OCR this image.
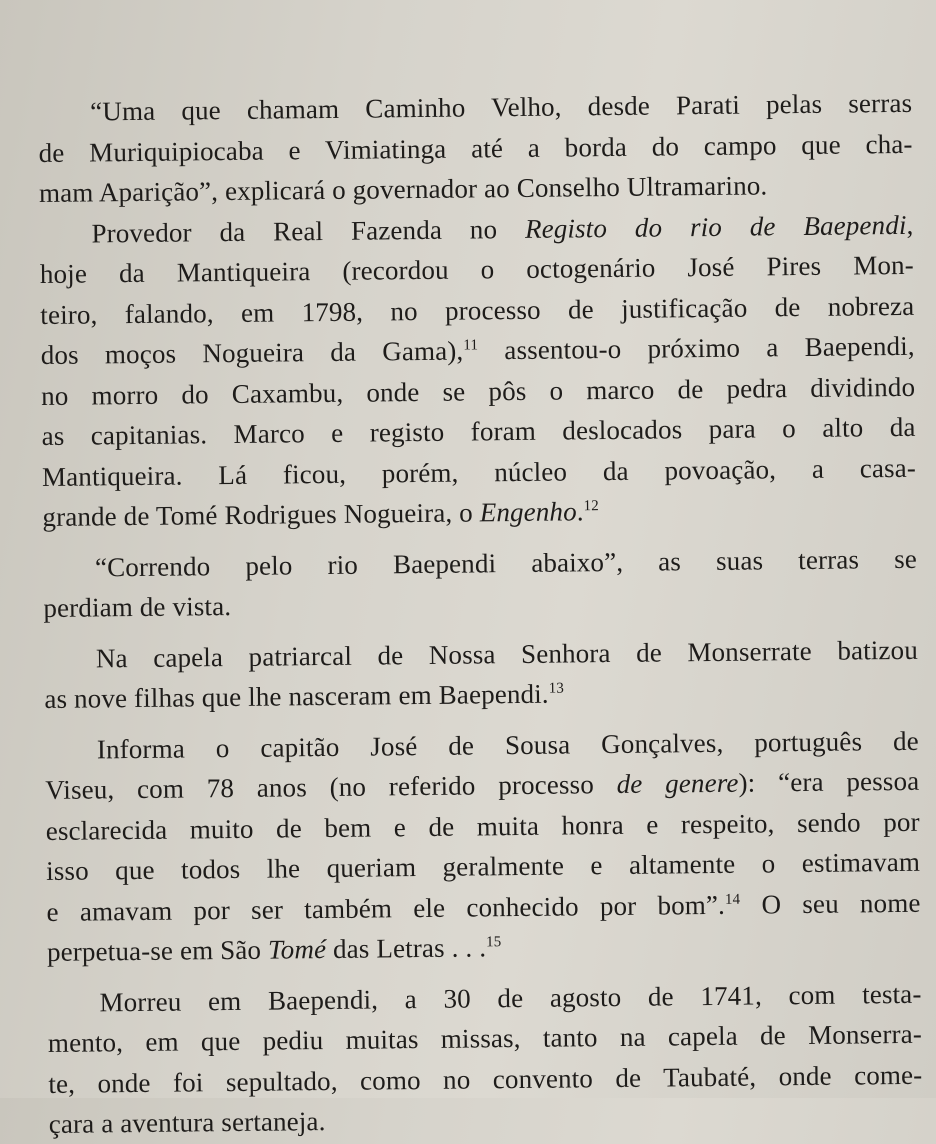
“Uma que chamam Caminho Velho, desde Parati pelas serras
de Muriquipiocaba e Vimiatinga até a borda do campo que cha-
mam Aparição”, explicará o governador ao Conselho Ultramarino.
Provedor da Real Fazenda no Registo do rio de Baependi,
hoje da Mantiqueira (recordou o octogenário José Pires Mon-
teiro, falando, em 1798, no processo de justificação de nobreza
dos moços Nogueira da Gama),$^{11}$ assentou-o próximo a Baependi,
no morro do Caxambu, onde se pôs o marco de pedra dividindo
as capitanias. Marco e registo foram deslocados para o alto da
Mantiqueira. Lá ficou, porém, núcleo da povoação, a casa-
grande de Tomé Rodrigues Nogueira, o Engenho.$^{12}$
“Correndo pelo rio Baependi abaixo”, as suas terras se
perdiam de vista.
Na capela patriarcal de Nossa Senhora de Monserrate batizou
as nove filhas que lhe nasceram em Baependi.$^{13}$
Informa o capitão José de Sousa Gonçalves, português de
Viseu, com 78 anos (no referido processo de genere): “era pessoa
esclarecida muito de bem e de muita honra e respeito, sendo por
isso que todos lhe queriam geralmente e altamente o estimavam
e amavam por ser também ele conhecido por bom”.$^{14}$ O seu nome
perpetua-se em São Tomé das Letras . . .$^{15}$
Morreu em Baependi, a 30 de agosto de 1741, com testa-
mento, em que pediu muitas missas, tanto na capela de Monserra-
te, onde foi sepultado, como no convento de Taubaté, onde come-
çara a aventura sertaneja.
